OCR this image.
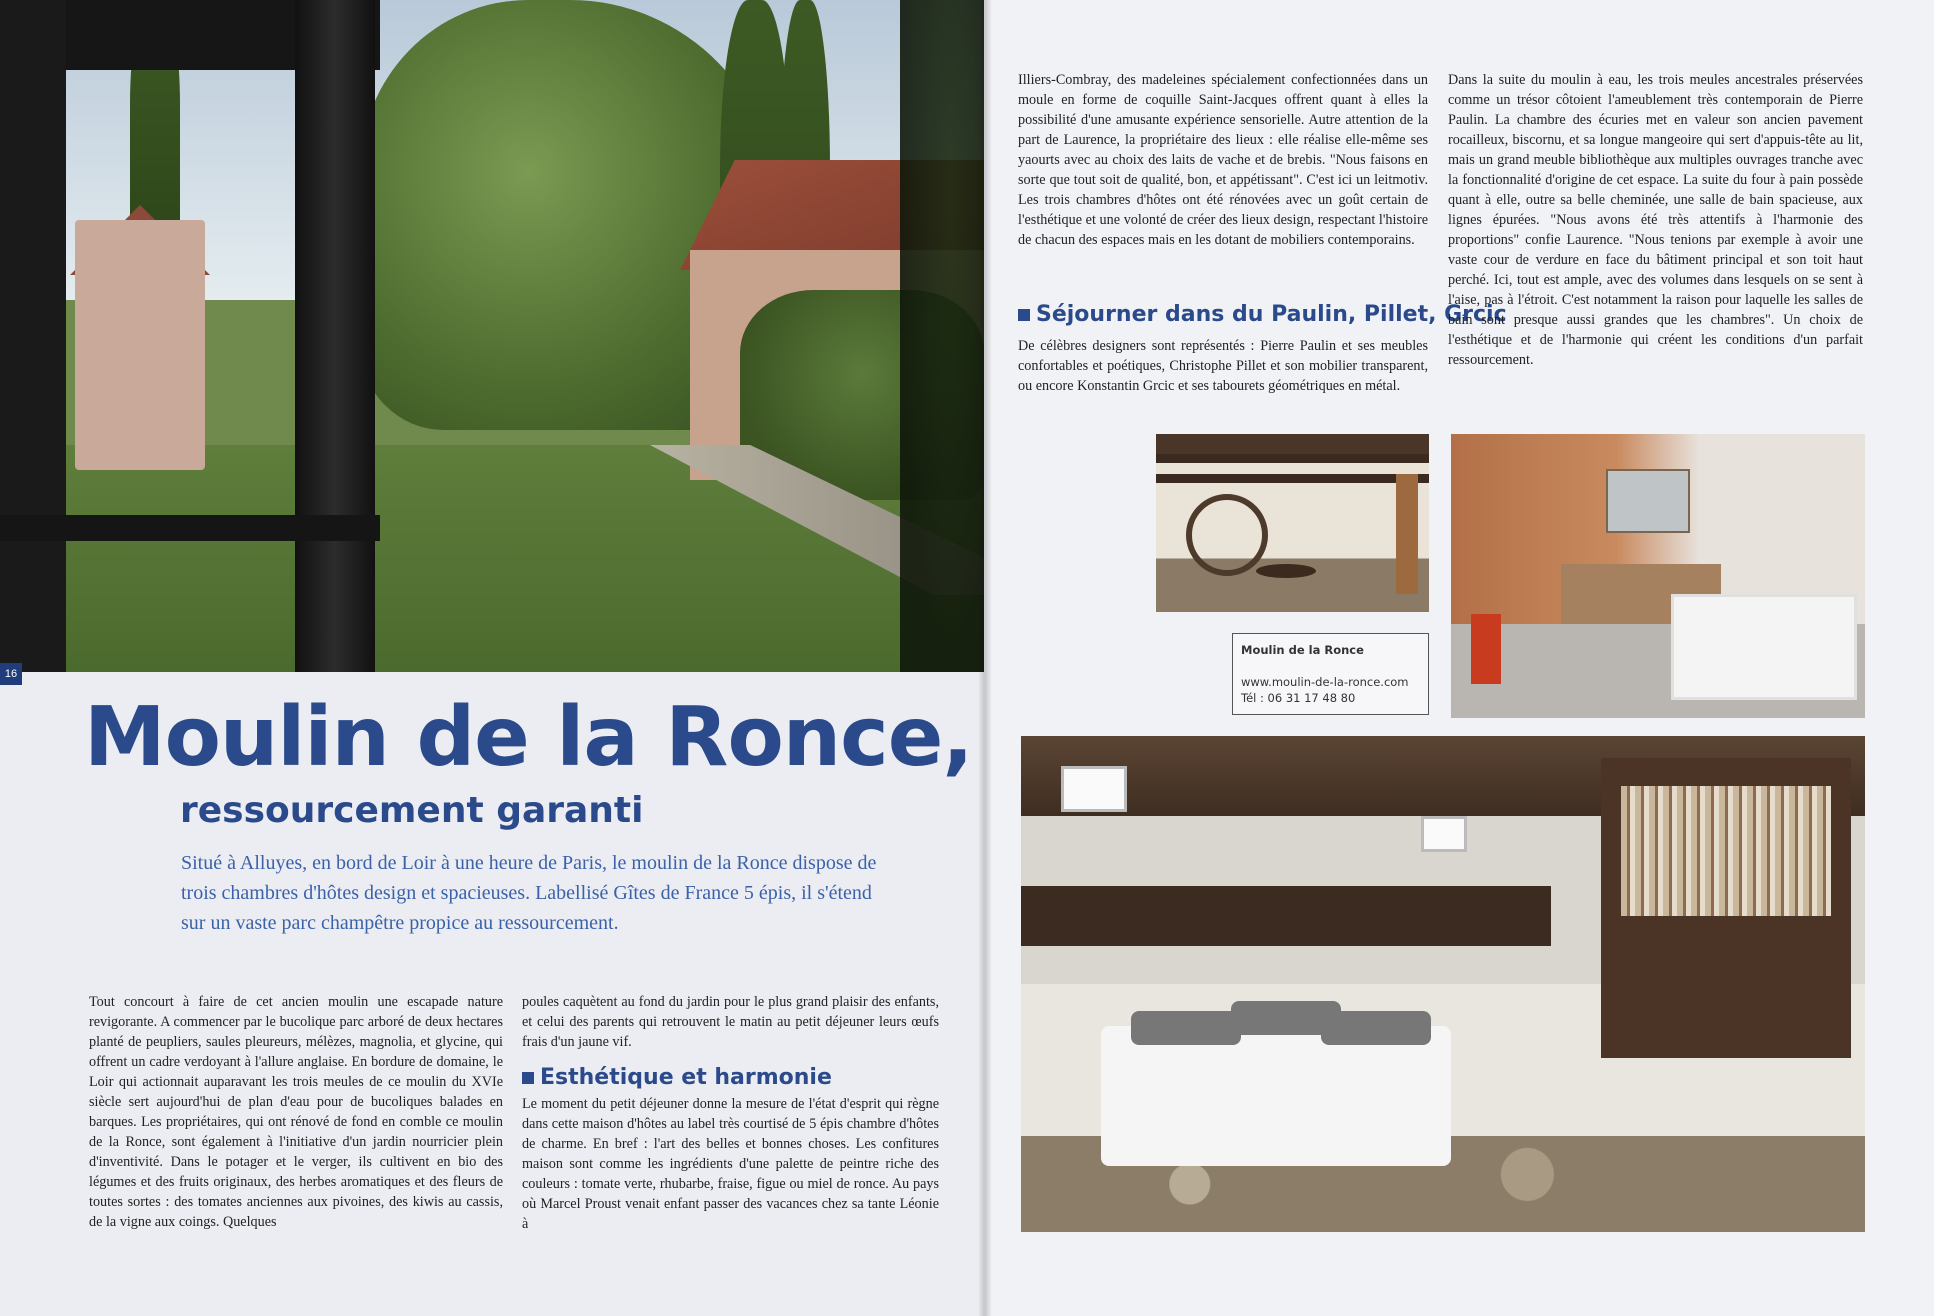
16
Moulin de la Ronce,
ressourcement garanti

Situé à Alluyes, en bord de Loir à une heure de Paris, le moulin de la Ronce dispose de trois chambres d'hôtes design et spacieuses. Labellisé Gîtes de France 5 épis, il s'étend sur un vaste parc champêtre propice au ressourcement.

Tout concourt à faire de cet ancien moulin une escapade nature revigorante. A commencer par le bucolique parc arboré de deux hectares planté de peupliers, saules pleureurs, mélèzes, magnolia, et glycine, qui offrent un cadre verdoyant à l'allure anglaise. En bordure de domaine, le Loir qui actionnait auparavant les trois meules de ce moulin du XVIe siècle sert aujourd'hui de plan d'eau pour de bucoliques balades en barques. Les propriétaires, qui ont rénové de fond en comble ce moulin de la Ronce, sont également à l'initiative d'un jardin nourricier plein d'inventivité. Dans le potager et le verger, ils cultivent en bio des légumes et des fruits originaux, des herbes aromatiques et des fleurs de toutes sortes : des tomates anciennes aux pivoines, des kiwis au cassis, de la vigne aux coings. Quelques

poules caquètent au fond du jardin pour le plus grand plaisir des enfants, et celui des parents qui retrouvent le matin au petit déjeuner leurs œufs frais d'un jaune vif.

Esthétique et harmonie

Le moment du petit déjeuner donne la mesure de l'état d'esprit qui règne dans cette maison d'hôtes au label très courtisé de 5 épis chambre d'hôtes de charme. En bref : l'art des belles et bonnes choses. Les confitures maison sont comme les ingrédients d'une palette de peintre riche des couleurs : tomate verte, rhubarbe, fraise, figue ou miel de ronce. Au pays où Marcel Proust venait enfant passer des vacances chez sa tante Léonie à

Illiers-Combray, des madeleines spécialement confectionnées dans un moule en forme de coquille Saint-Jacques offrent quant à elles la possibilité d'une amusante expérience sensorielle. Autre attention de la part de Laurence, la propriétaire des lieux : elle réalise elle-même ses yaourts avec au choix des laits de vache et de brebis. "Nous faisons en sorte que tout soit de qualité, bon, et appétissant". C'est ici un leitmotiv. Les trois chambres d'hôtes ont été rénovées avec un goût certain de l'esthétique et une volonté de créer des lieux design, respectant l'histoire de chacun des espaces mais en les dotant de mobiliers contemporains.

Séjourner dans du Paulin, Pillet, Grcic

De célèbres designers sont représentés : Pierre Paulin et ses meubles confortables et poétiques, Christophe Pillet et son mobilier transparent, ou encore Konstantin Grcic et ses tabourets géométriques en métal.

Dans la suite du moulin à eau, les trois meules ancestrales préservées comme un trésor côtoient l'ameublement très contemporain de Pierre Paulin. La chambre des écuries met en valeur son ancien pavement rocailleux, biscornu, et sa longue mangeoire qui sert d'appuis-tête au lit, mais un grand meuble bibliothèque aux multiples ouvrages tranche avec la fonctionnalité d'origine de cet espace. La suite du four à pain possède quant à elle, outre sa belle cheminée, une salle de bain spacieuse, aux lignes épurées. "Nous avons été très attentifs à l'harmonie des proportions" confie Laurence. "Nous tenions par exemple à avoir une vaste cour de verdure en face du bâtiment principal et son toit haut perché. Ici, tout est ample, avec des volumes dans lesquels on se sent à l'aise, pas à l'étroit. C'est notamment la raison pour laquelle les salles de bain sont presque aussi grandes que les chambres". Un choix de l'esthétique et de l'harmonie qui créent les conditions d'un parfait ressourcement.

Moulin de la Ronce
www.moulin-de-la-ronce.com
Tél : 06 31 17 48 80
